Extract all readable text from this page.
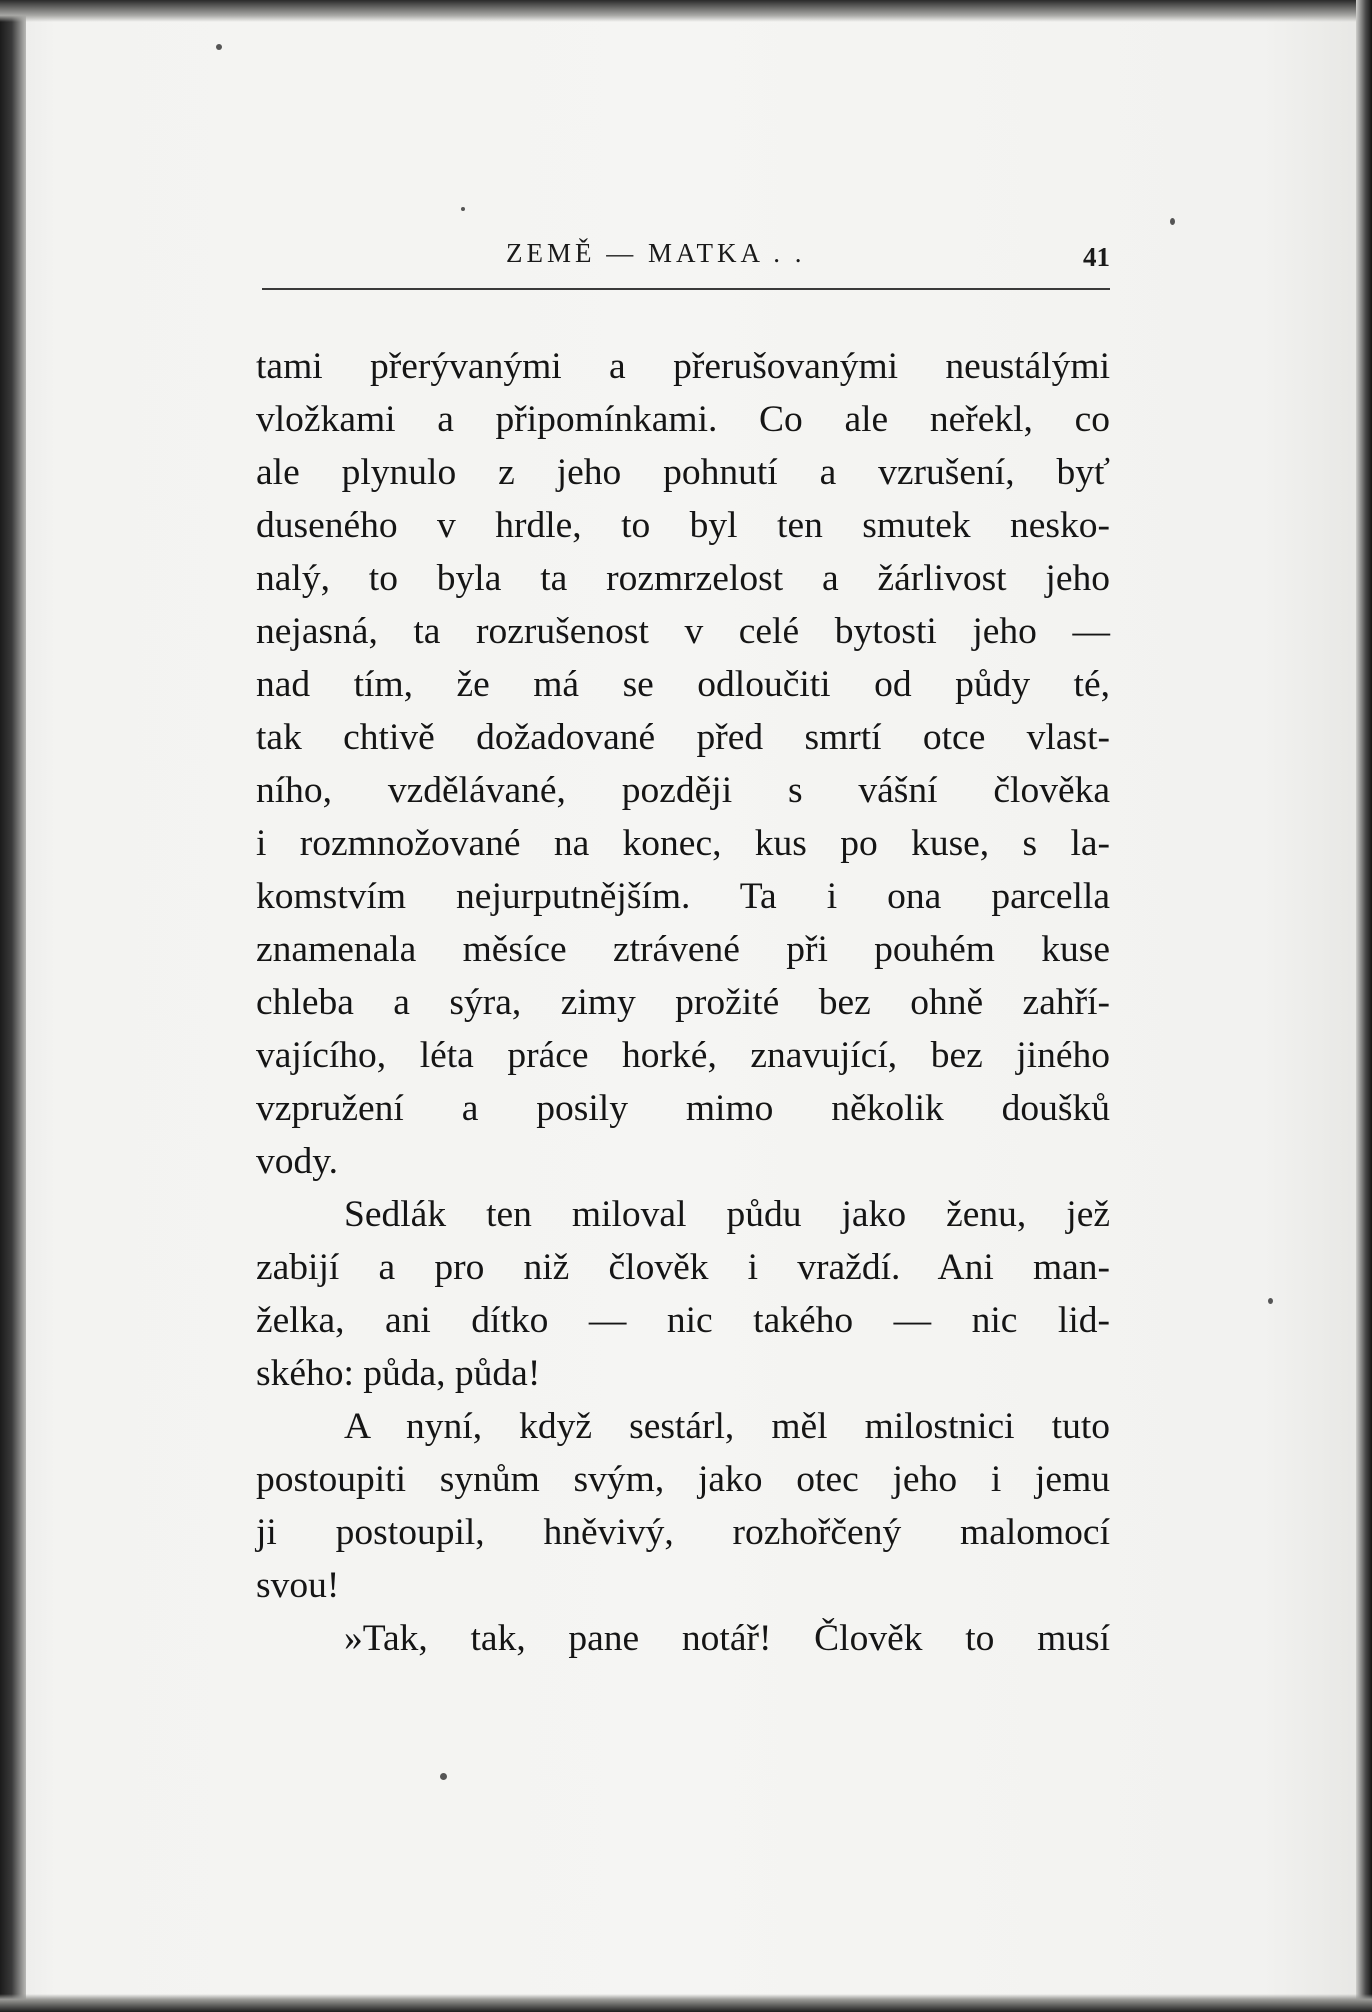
ZEMĚ — MATKA . .	41
tami přerývanými a přerušovanými neustálými
vložkami a připomínkami. Co ale neřekl, co
ale plynulo z jeho pohnutí a vzrušení, byť
duseného v hrdle, to byl ten smutek nesko-
nalý, to byla ta rozmrzelost a žárlivost jeho
nejasná, ta rozrušenost v celé bytosti jeho —
nad tím, že má se odloučiti od půdy té,
tak chtivě dožadované před smrtí otce vlast-
ního, vzdělávané, později s vášní člověka
i rozmnožované na konec, kus po kuse, s la-
komstvím nejurputnějším. Ta i ona parcella
znamenala měsíce ztrávené při pouhém kuse
chleba a sýra, zimy prožité bez ohně zahří-
vajícího, léta práce horké, znavující, bez jiného
vzpružení a posily mimo několik doušků
vody.
Sedlák ten miloval půdu jako ženu, jež
zabijí a pro niž člověk i vraždí. Ani man-
želka, ani dítko — nic takého — nic lid-
ského: půda, půda!
A nyní, když sestárl, měl milostnici tuto
postoupiti synům svým, jako otec jeho i jemu
ji postoupil, hněvivý, rozhořčený malomocí
svou!
»Tak, tak, pane notář! Člověk to musí
